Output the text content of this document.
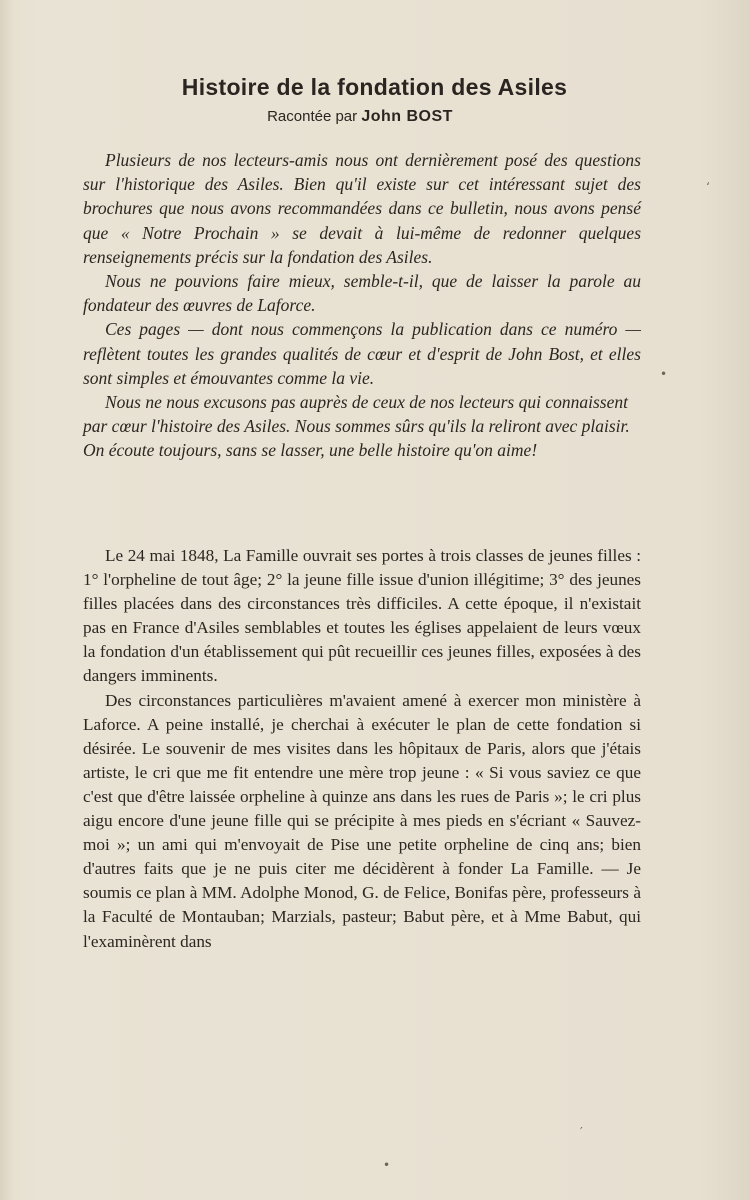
Histoire de la fondation des Asiles
Racontée par John BOST

Plusieurs de nos lecteurs-amis nous ont dernièrement posé des questions sur l'historique des Asiles. Bien qu'il existe sur cet intéressant sujet des brochures que nous avons recommandées dans ce bulletin, nous avons pensé que « Notre Prochain » se devait à lui-même de redonner quelques renseignements précis sur la fondation des Asiles.

Nous ne pouvions faire mieux, semble-t-il, que de laisser la parole au fondateur des œuvres de Laforce.

Ces pages — dont nous commençons la publication dans ce numéro — reflètent toutes les grandes qualités de cœur et d'esprit de John Bost, et elles sont simples et émouvantes comme la vie.

Nous ne nous excusons pas auprès de ceux de nos lecteurs qui connaissent par cœur l'histoire des Asiles. Nous sommes sûrs qu'ils la reliront avec plaisir. On écoute toujours, sans se lasser, une belle histoire qu'on aime!

Le 24 mai 1848, La Famille ouvrait ses portes à trois classes de jeunes filles : 1° l'orpheline de tout âge; 2° la jeune fille issue d'union illégitime; 3° des jeunes filles placées dans des circonstances très difficiles. A cette époque, il n'existait pas en France d'Asiles semblables et toutes les églises appelaient de leurs vœux la fondation d'un établissement qui pût recueillir ces jeunes filles, exposées à des dangers imminents.

Des circonstances particulières m'avaient amené à exercer mon ministère à Laforce. A peine installé, je cherchai à exécuter le plan de cette fondation si désirée. Le souvenir de mes visites dans les hôpitaux de Paris, alors que j'étais artiste, le cri que me fit entendre une mère trop jeune : « Si vous saviez ce que c'est que d'être laissée orpheline à quinze ans dans les rues de Paris »; le cri plus aigu encore d'une jeune fille qui se précipite à mes pieds en s'écriant « Sauvez-moi »; un ami qui m'envoyait de Pise une petite orpheline de cinq ans; bien d'autres faits que je ne puis citer me décidèrent à fonder La Famille. — Je soumis ce plan à MM. Adolphe Monod, G. de Felice, Bonifas père, professeurs à la Faculté de Montauban; Marzials, pasteur; Babut père, et à Mme Babut, qui l'examinèrent dans

‘
•
′
•
